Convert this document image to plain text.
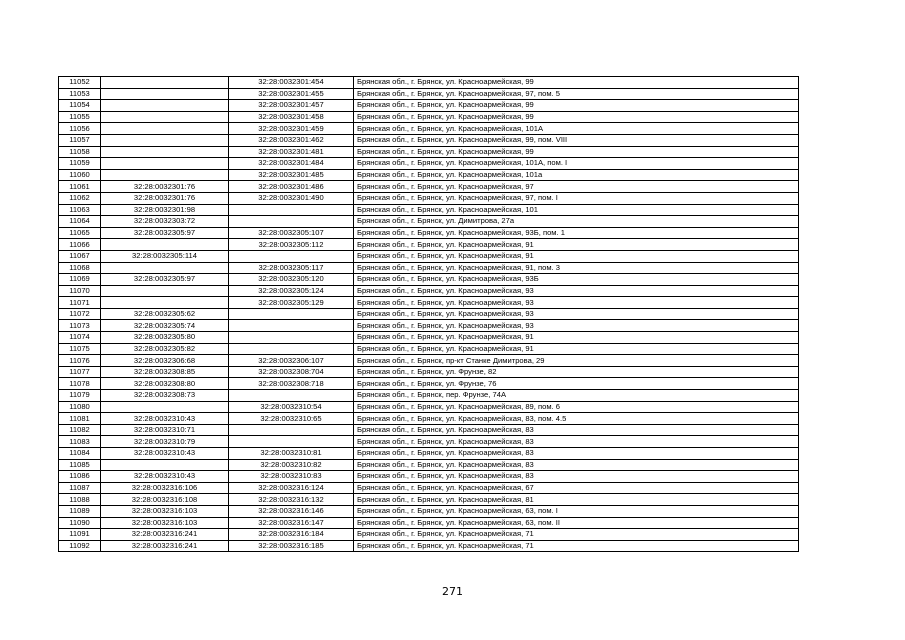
11052		32:28:0032301:454	Брянская обл., г. Брянск, ул. Красноармейская, 99
11053		32:28:0032301:455	Брянская обл., г. Брянск, ул. Красноармейская, 97, пом. 5
11054		32:28:0032301:457	Брянская обл., г. Брянск, ул. Красноармейская, 99
11055		32:28:0032301:458	Брянская обл., г. Брянск, ул. Красноармейская, 99
11056		32:28:0032301:459	Брянская обл., г. Брянск, ул. Красноармейская, 101А
11057		32:28:0032301:462	Брянская обл., г. Брянск, ул. Красноармейская, 99, пом. VIII
11058		32:28:0032301:481	Брянская обл., г. Брянск, ул. Красноармейская, 99
11059		32:28:0032301:484	Брянская обл., г. Брянск, ул. Красноармейская, 101А, пом. I
11060		32:28:0032301:485	Брянская обл., г. Брянск, ул. Красноармейская, 101а
11061	32:28:0032301:76	32:28:0032301:486	Брянская обл., г. Брянск, ул. Красноармейская, 97
11062	32:28:0032301:76	32:28:0032301:490	Брянская обл., г. Брянск, ул. Красноармейская, 97, пом. I
11063	32:28:0032301:98		Брянская обл., г. Брянск, ул. Красноармейская, 101
11064	32:28:0032303:72		Брянская обл., г. Брянск, ул. Димитрова, 27а
11065	32:28:0032305:97	32:28:0032305:107	Брянская обл., г. Брянск, ул. Красноармейская, 93Б, пом. 1
11066		32:28:0032305:112	Брянская обл., г. Брянск, ул. Красноармейская, 91
11067	32:28:0032305:114		Брянская обл., г. Брянск, ул. Красноармейская, 91
11068		32:28:0032305:117	Брянская обл., г. Брянск, ул. Красноармейская, 91, пом. 3
11069	32:28:0032305:97	32:28:0032305:120	Брянская обл., г. Брянск, ул. Красноармейская, 93Б
11070		32:28:0032305:124	Брянская обл., г. Брянск, ул. Красноармейская, 93
11071		32:28:0032305:129	Брянская обл., г. Брянск, ул. Красноармейская, 93
11072	32:28:0032305:62		Брянская обл., г. Брянск, ул. Красноармейская, 93
11073	32:28:0032305:74		Брянская обл., г. Брянск, ул. Красноармейская, 93
11074	32:28:0032305:80		Брянская обл., г. Брянск, ул. Красноармейская, 91
11075	32:28:0032305:82		Брянская обл., г. Брянск, ул. Красноармейская, 91
11076	32:28:0032306:68	32:28:0032306:107	Брянская обл., г. Брянск, пр-кт Станке Димитрова, 29
11077	32:28:0032308:85	32:28:0032308:704	Брянская обл., г. Брянск, ул. Фрунзе, 82
11078	32:28:0032308:80	32:28:0032308:718	Брянская обл., г. Брянск, ул. Фрунзе, 76
11079	32:28:0032308:73		Брянская обл., г. Брянск, пер. Фрунзе, 74А
11080		32:28:0032310:54	Брянская обл., г. Брянск, ул. Красноармейская, 89, пом. 6
11081	32:28:0032310:43	32:28:0032310:65	Брянская обл., г. Брянск, ул. Красноармейская, 83, пом. 4.5
11082	32:28:0032310:71		Брянская обл., г. Брянск, ул. Красноармейская, 83
11083	32:28:0032310:79		Брянская обл., г. Брянск, ул. Красноармейская, 83
11084	32:28:0032310:43	32:28:0032310:81	Брянская обл., г. Брянск, ул. Красноармейская, 83
11085		32:28:0032310:82	Брянская обл., г. Брянск, ул. Красноармейская, 83
11086	32:28:0032310:43	32:28:0032310:83	Брянская обл., г. Брянск, ул. Красноармейская, 83
11087	32:28:0032316:106	32:28:0032316:124	Брянская обл., г. Брянск, ул. Красноармейская, 67
11088	32:28:0032316:108	32:28:0032316:132	Брянская обл., г. Брянск, ул. Красноармейская, 81
11089	32:28:0032316:103	32:28:0032316:146	Брянская обл., г. Брянск, ул. Красноармейская, 63, пом. I
11090	32:28:0032316:103	32:28:0032316:147	Брянская обл., г. Брянск, ул. Красноармейская, 63, пом. II
11091	32:28:0032316:241	32:28:0032316:184	Брянская обл., г. Брянск, ул. Красноармейская, 71
11092	32:28:0032316:241	32:28:0032316:185	Брянская обл., г. Брянск, ул. Красноармейская, 71
271
